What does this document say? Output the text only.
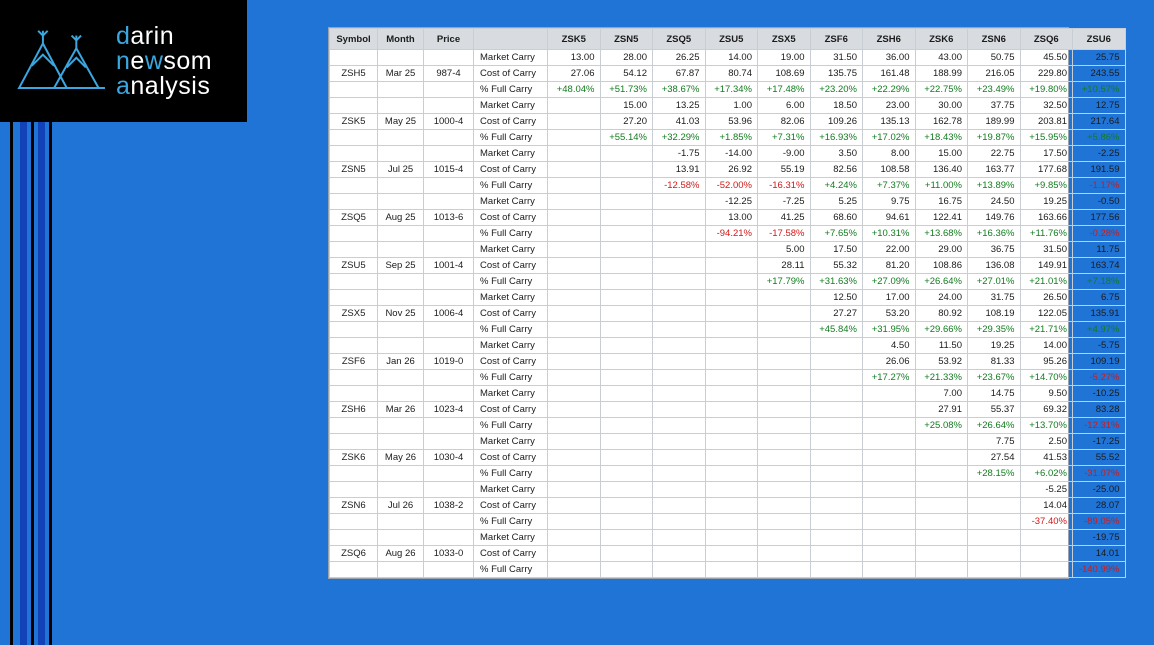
darin
newsom
analysis
Symbol	Month	Price		ZSK5	ZSN5	ZSQ5	ZSU5	ZSX5	ZSF6	ZSH6	ZSK6	ZSN6	ZSQ6	ZSU6
			Market Carry	13.00	28.00	26.25	14.00	19.00	31.50	36.00	43.00	50.75	45.50	25.75
ZSH5	Mar 25	987-4	Cost of Carry	27.06	54.12	67.87	80.74	108.69	135.75	161.48	188.99	216.05	229.80	243.55
			% Full Carry	+48.04%	+51.73%	+38.67%	+17.34%	+17.48%	+23.20%	+22.29%	+22.75%	+23.49%	+19.80%	+10.57%
			Market Carry		15.00	13.25	1.00	6.00	18.50	23.00	30.00	37.75	32.50	12.75
ZSK5	May 25	1000-4	Cost of Carry		27.20	41.03	53.96	82.06	109.26	135.13	162.78	189.99	203.81	217.64
			% Full Carry		+55.14%	+32.29%	+1.85%	+7.31%	+16.93%	+17.02%	+18.43%	+19.87%	+15.95%	+5.86%
			Market Carry			-1.75	-14.00	-9.00	3.50	8.00	15.00	22.75	17.50	-2.25
ZSN5	Jul 25	1015-4	Cost of Carry			13.91	26.92	55.19	82.56	108.58	136.40	163.77	177.68	191.59
			% Full Carry			-12.58%	-52.00%	-16.31%	+4.24%	+7.37%	+11.00%	+13.89%	+9.85%	-1.17%
			Market Carry				-12.25	-7.25	5.25	9.75	16.75	24.50	19.25	-0.50
ZSQ5	Aug 25	1013-6	Cost of Carry				13.00	41.25	68.60	94.61	122.41	149.76	163.66	177.56
			% Full Carry				-94.21%	-17.58%	+7.65%	+10.31%	+13.68%	+16.36%	+11.76%	-0.28%
			Market Carry					5.00	17.50	22.00	29.00	36.75	31.50	11.75
ZSU5	Sep 25	1001-4	Cost of Carry					28.11	55.32	81.20	108.86	136.08	149.91	163.74
			% Full Carry					+17.79%	+31.63%	+27.09%	+26.64%	+27.01%	+21.01%	+7.18%
			Market Carry						12.50	17.00	24.00	31.75	26.50	6.75
ZSX5	Nov 25	1006-4	Cost of Carry						27.27	53.20	80.92	108.19	122.05	135.91
			% Full Carry						+45.84%	+31.95%	+29.66%	+29.35%	+21.71%	+4.97%
			Market Carry							4.50	11.50	19.25	14.00	-5.75
ZSF6	Jan 26	1019-0	Cost of Carry							26.06	53.92	81.33	95.26	109.19
			% Full Carry							+17.27%	+21.33%	+23.67%	+14.70%	-5.27%
			Market Carry								7.00	14.75	9.50	-10.25
ZSH6	Mar 26	1023-4	Cost of Carry								27.91	55.37	69.32	83.28
			% Full Carry								+25.08%	+26.64%	+13.70%	-12.31%
			Market Carry									7.75	2.50	-17.25
ZSK6	May 26	1030-4	Cost of Carry									27.54	41.53	55.52
			% Full Carry									+28.15%	+6.02%	-31.07%
			Market Carry										-5.25	-25.00
ZSN6	Jul 26	1038-2	Cost of Carry										14.04	28.07
			% Full Carry										-37.40%	-89.05%
			Market Carry											-19.75
ZSQ6	Aug 26	1033-0	Cost of Carry											14.01
			% Full Carry											-140.99%
